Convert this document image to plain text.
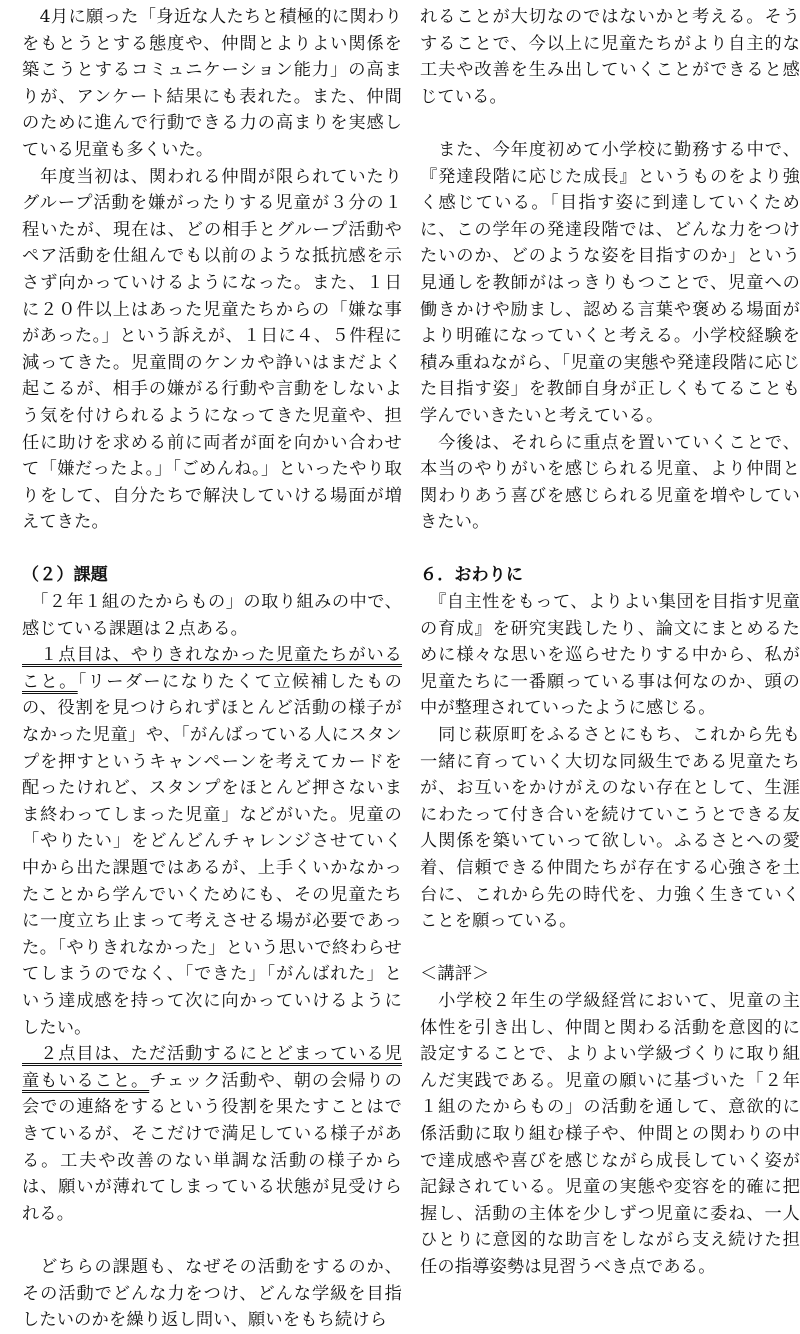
　4月に願った「身近な人たちと積極的に関わりをもとうとする態度や、仲間とよりよい関係を築こうとするコミュニケーション能力」の高まりが、アンケート結果にも表れた。また、仲間のために進んで行動できる力の高まりを実感している児童も多くいた。

　年度当初は、関われる仲間が限られていたりグループ活動を嫌がったりする児童が３分の１程いたが、現在は、どの相手とグループ活動やペア活動を仕組んでも以前のような抵抗感を示さず向かっていけるようになった。また、１日に２０件以上はあった児童たちからの「嫌な事があった。」という訴えが、１日に４、５件程に減ってきた。児童間のケンカや諍いはまだよく起こるが、相手の嫌がる行動や言動をしないよう気を付けられるようになってきた児童や、担任に助けを求める前に両者が面を向かい合わせて「嫌だったよ。」「ごめんね。」といったやり取りをして、自分たちで解決していける場面が増えてきた。

（２）課題

　「２年１組のたからもの」の取り組みの中で、感じている課題は２点ある。

　１点目は、やりきれなかった児童たちがいること。「リーダーになりたくて立候補したものの、役割を見つけられずほとんど活動の様子がなかった児童」や、「がんばっている人にスタンプを押すというキャンペーンを考えてカードを配ったけれど、スタンプをほとんど押さないまま終わってしまった児童」などがいた。児童の「やりたい」をどんどんチャレンジさせていく中から出た課題ではあるが、上手くいかなかったことから学んでいくためにも、その児童たちに一度立ち止まって考えさせる場が必要であった。「やりきれなかった」という思いで終わらせてしまうのでなく、「できた」「がんばれた」という達成感を持って次に向かっていけるようにしたい。

　２点目は、ただ活動するにとどまっている児童もいること。チェック活動や、朝の会帰りの会での連絡をするという役割を果たすことはできているが、そこだけで満足している様子がある。工夫や改善のない単調な活動の様子からは、願いが薄れてしまっている状態が見受けられる。

　どちらの課題も、なぜその活動をするのか、その活動でどんな力をつけ、どんな学級を目指したいのかを繰り返し問い、願いをもち続けら

れることが大切なのではないかと考える。そうすることで、今以上に児童たちがより自主的な工夫や改善を生み出していくことができると感じている。

　また、今年度初めて小学校に勤務する中で、『発達段階に応じた成長』というものをより強く感じている。「目指す姿に到達していくために、この学年の発達段階では、どんな力をつけたいのか、どのような姿を目指すのか」という見通しを教師がはっきりもつことで、児童への働きかけや励まし、認める言葉や褒める場面がより明確になっていくと考える。小学校経験を積み重ねながら、「児童の実態や発達段階に応じた目指す姿」を教師自身が正しくもてることも学んでいきたいと考えている。

　今後は、それらに重点を置いていくことで、本当のやりがいを感じられる児童、より仲間と関わりあう喜びを感じられる児童を増やしていきたい。

６．おわりに

　『自主性をもって、よりよい集団を目指す児童の育成』を研究実践したり、論文にまとめるために様々な思いを巡らせたりする中から、私が児童たちに一番願っている事は何なのか、頭の中が整理されていったように感じる。

　同じ萩原町をふるさとにもち、これから先も一緒に育っていく大切な同級生である児童たちが、お互いをかけがえのない存在として、生涯にわたって付き合いを続けていこうとできる友人関係を築いていって欲しい。ふるさとへの愛着、信頼できる仲間たちが存在する心強さを土台に、これから先の時代を、力強く生きていくことを願っている。

＜講評＞

　小学校２年生の学級経営において、児童の主体性を引き出し、仲間と関わる活動を意図的に設定することで、よりよい学級づくりに取り組んだ実践である。児童の願いに基づいた「２年１組のたからもの」の活動を通して、意欲的に係活動に取り組む様子や、仲間との関わりの中で達成感や喜びを感じながら成長していく姿が記録されている。児童の実態や変容を的確に把握し、活動の主体を少しずつ児童に委ね、一人ひとりに意図的な助言をしながら支え続けた担任の指導姿勢は見習うべき点である。
